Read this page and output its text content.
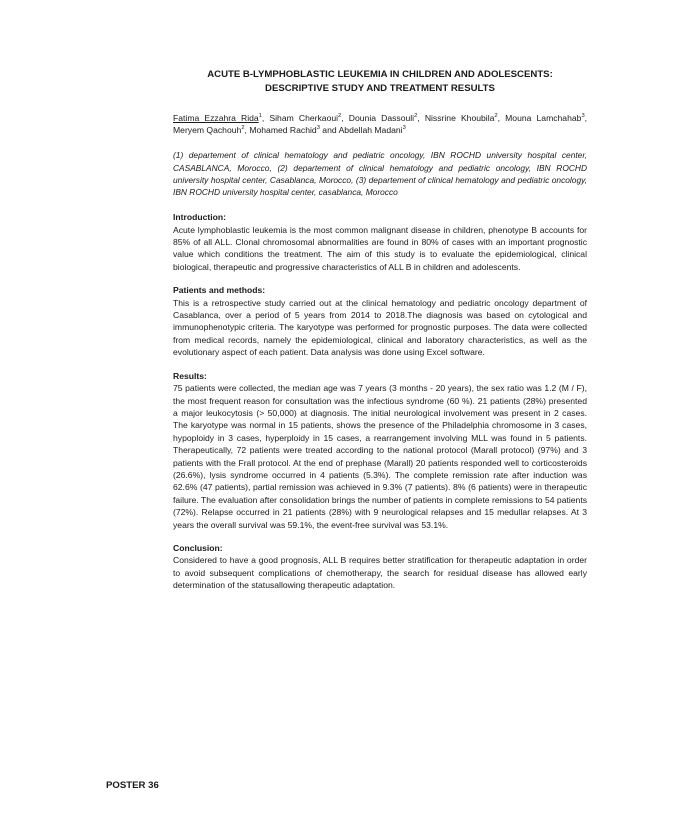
ACUTE B-LYMPHOBLASTIC LEUKEMIA IN CHILDREN AND ADOLESCENTS:
DESCRIPTIVE STUDY AND TREATMENT RESULTS
Fatima Ezzahra Rida$^1$, Siham Cherkaoui$^2$, Dounia Dassouli$^2$, Nissrine Khoubila$^2$, Mouna Lamchahab$^3$, Meryem Qachouh$^2$, Mohamed Rachid$^3$ and Abdellah Madani$^3$

(1) departement of clinical hematology and pediatric oncology, IBN ROCHD university hospital center, CASABLANCA, Morocco, (2) departement of clinical hematology and pediatric oncology, IBN ROCHD university hospital center, Casablanca, Morocco, (3) departement of clinical hematology and pediatric oncology, IBN ROCHD university hospital center, casablanca, Morocco

Introduction:

Acute lymphoblastic leukemia is the most common malignant disease in children, phenotype B accounts for 85% of all ALL. Clonal chromosomal abnormalities are found in 80% of cases with an important prognostic value which conditions the treatment. The aim of this study is to evaluate the epidemiological, clinical biological, therapeutic and progressive characteristics of ALL B in children and adolescents.

Patients and methods:

This is a retrospective study carried out at the clinical hematology and pediatric oncology department of Casablanca, over a period of 5 years from 2014 to 2018.The diagnosis was based on cytological and immunophenotypic criteria. The karyotype was performed for prognostic purposes. The data were collected from medical records, namely the epidemiological, clinical and laboratory characteristics, as well as the evolutionary aspect of each patient. Data analysis was done using Excel software.

Results:

75 patients were collected, the median age was 7 years (3 months - 20 years), the sex ratio was 1.2 (M / F), the most frequent reason for consultation was the infectious syndrome (60 %). 21 patients (28%) presented a major leukocytosis (> 50,000) at diagnosis. The initial neurological involvement was present in 2 cases. The karyotype was normal in 15 patients, shows the presence of the Philadelphia chromosome in 3 cases, hypoploidy in 3 cases, hyperploidy in 15 cases, a rearrangement involving MLL was found in 5 patients. Therapeutically, 72 patients were treated according to the national protocol (Marall protocol) (97%) and 3 patients with the Frall protocol. At the end of prephase (Marall) 20 patients responded well to corticosteroids (26.6%), lysis syndrome occurred in 4 patients (5.3%). The complete remission rate after induction was 62.6% (47 patients), partial remission was achieved in 9.3% (7 patients). 8% (6 patients) were in therapeutic failure. The evaluation after consolidation brings the number of patients in complete remissions to 54 patients (72%). Relapse occurred in 21 patients (28%) with 9 neurological relapses and 15 medullar relapses. At 3 years the overall survival was 59.1%, the event-free survival was 53.1%.

Conclusion:

Considered to have a good prognosis, ALL B requires better stratification for therapeutic adaptation in order to avoid subsequent complications of chemotherapy, the search for residual disease has allowed early determination of the statusallowing therapeutic adaptation.

POSTER 36
